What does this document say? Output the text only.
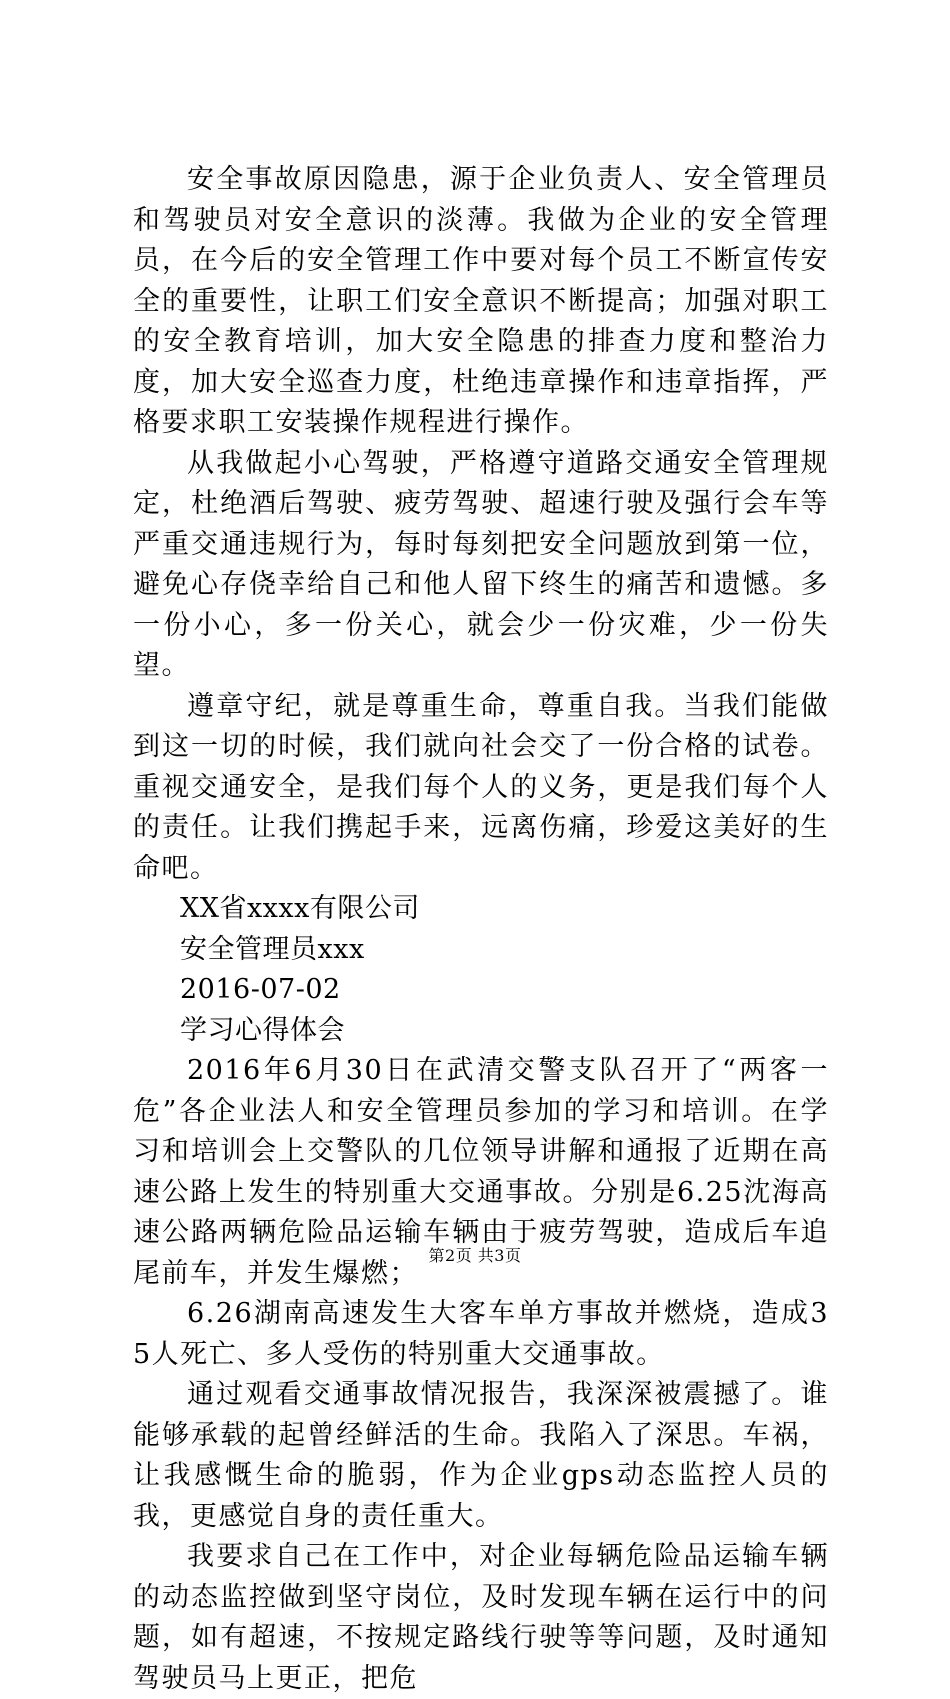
安全事故原因隐患，源于企业负责人、安全管理员和驾驶员对安全意识的淡薄。我做为企业的安全管理员，在今后的安全管理工作中要对每个员工不断宣传安全的重要性，让职工们安全意识不断提高；加强对职工的安全教育培训，加大安全隐患的排查力度和整治力度，加大安全巡查力度，杜绝违章操作和违章指挥，严格要求职工安装操作规程进行操作。

从我做起小心驾驶，严格遵守道路交通安全管理规定，杜绝酒后驾驶、疲劳驾驶、超速行驶及强行会车等严重交通违规行为，每时每刻把安全问题放到第一位，避免心存侥幸给自己和他人留下终生的痛苦和遗憾。多一份小心，多一份关心，就会少一份灾难，少一份失望。

遵章守纪，就是尊重生命，尊重自我。当我们能做到这一切的时候，我们就向社会交了一份合格的试卷。重视交通安全，是我们每个人的义务，更是我们每个人的责任。让我们携起手来，远离伤痛，珍爱这美好的生命吧。

XX省xxxx有限公司

安全管理员xxx

2016-07-02

学习心得体会

2016年6月30日在武清交警支队召开了“两客一危”各企业法人和安全管理员参加的学习和培训。在学习和培训会上交警队的几位领导讲解和通报了近期在高速公路上发生的特别重大交通事故。分别是6.25沈海高速公路两辆危险品运输车辆由于疲劳驾驶，造成后车追尾前车，并发生爆燃；

6.26湖南高速发生大客车单方事故并燃烧，造成35人死亡、多人受伤的特别重大交通事故。

通过观看交通事故情况报告，我深深被震撼了。谁能够承载的起曾经鲜活的生命。我陷入了深思。车祸，让我感慨生命的脆弱，作为企业gps动态监控人员的我，更感觉自身的责任重大。

我要求自己在工作中，对企业每辆危险品运输车辆的动态监控做到坚守岗位，及时发现车辆在运行中的问题，如有超速，不按规定路线行驶等等问题，及时通知驾驶员马上更正，把危

第2页 共3页
